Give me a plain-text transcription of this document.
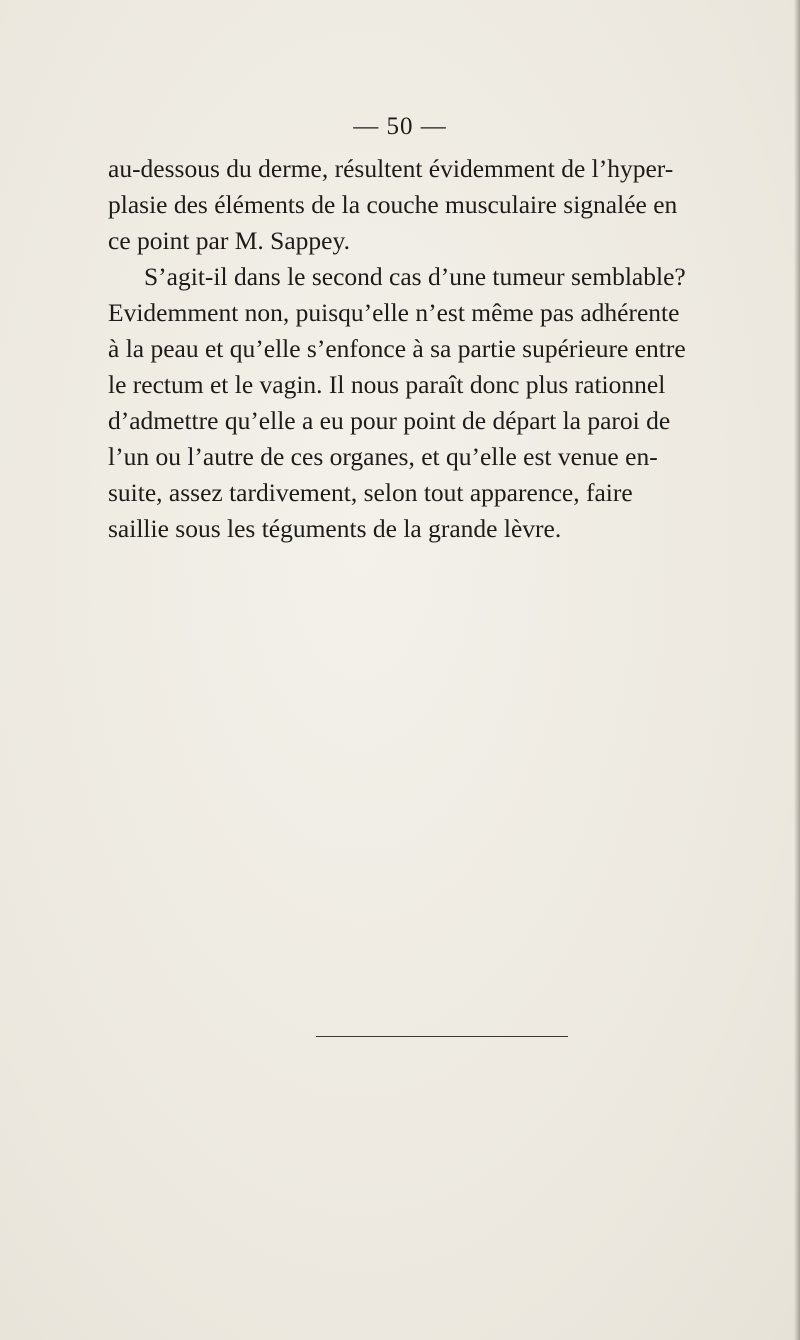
— 50 —
au-dessous du derme, résultent évidemment de l’hyper-
plasie des éléments de la couche musculaire signalée en
ce point par M. Sappey.
S’agit-il dans le second cas d’une tumeur semblable?
Evidemment non, puisqu’elle n’est même pas adhérente
à la peau et qu’elle s’enfonce à sa partie supérieure entre
le rectum et le vagin. Il nous paraît donc plus rationnel
d’admettre qu’elle a eu pour point de départ la paroi de
l’un ou l’autre de ces organes, et qu’elle est venue en-
suite, assez tardivement, selon tout apparence, faire
saillie sous les téguments de la grande lèvre.
